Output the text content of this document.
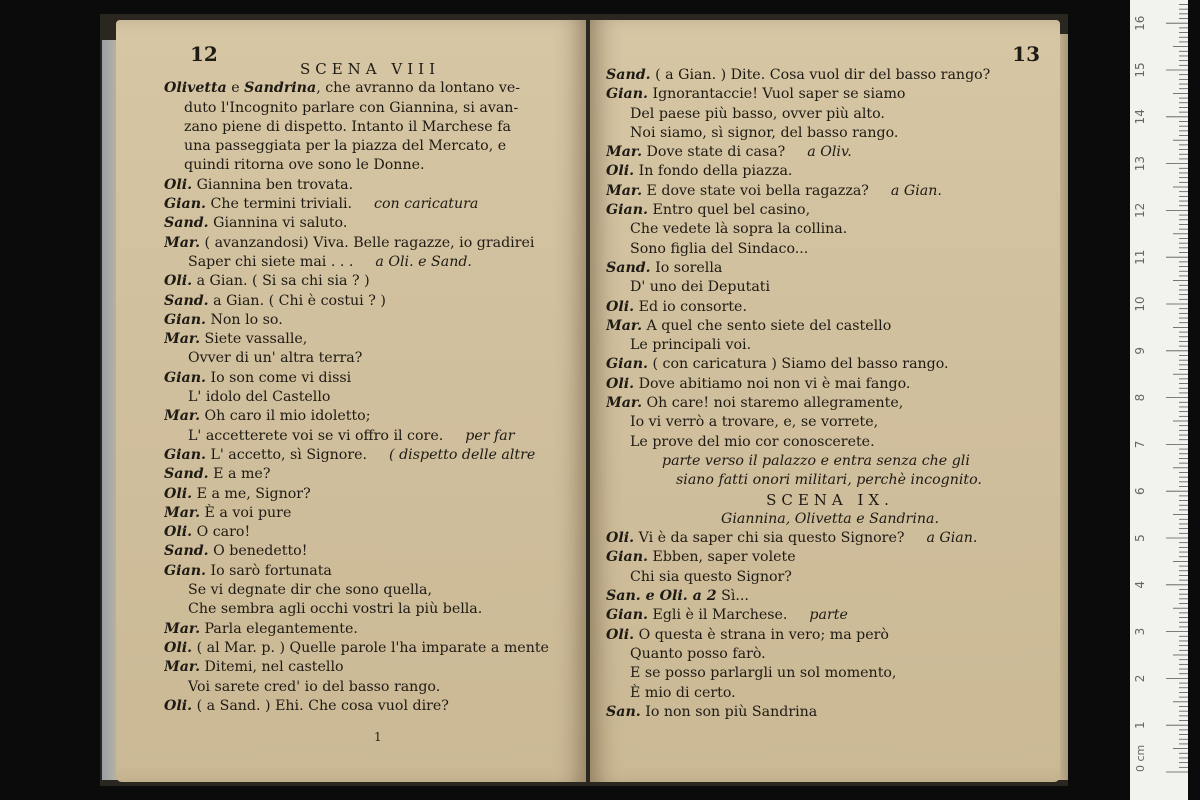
12
SCENA VIII
Olivetta e Sandrina, che avranno da lontano ve-
duto l'Incognito parlare con Giannina, si avan-
zano piene di dispetto. Intanto il Marchese fa
una passeggiata per la piazza del Mercato, e
quindi ritorna ove sono le Donne.
Oli. Giannina ben trovata.
Gian. Che termini triviali. con caricatura
Sand. Giannina vi saluto.
Mar. ( avanzandosi) Viva. Belle ragazze, io gradirei
Saper chi siete mai . . . a Oli. e Sand.
Oli. a Gian. ( Si sa chi sia ? )
Sand. a Gian. ( Chi è costui ? )
Gian. Non lo so.
Mar. Siete vassalle,
Ovver di un' altra terra?
Gian. Io son come vi dissi
L' idolo del Castello
Mar. Oh caro il mio idoletto;
L' accetterete voi se vi offro il core. per far
Gian. L' accetto, sì Signore. ( dispetto delle altre
Sand. E a me?
Oli. E a me, Signor?
Mar. È a voi pure
Oli. O caro!
Sand. O benedetto!
Gian. Io sarò fortunata
Se vi degnate dir che sono quella,
Che sembra agli occhi vostri la più bella.
Mar. Parla elegantemente.
Oli. ( al Mar. p. ) Quelle parole l'ha imparate a mente
Mar. Ditemi, nel castello
Voi sarete cred' io del basso rango.
Oli. ( a Sand. ) Ehi. Che cosa vuol dire?
1
13
Sand. ( a Gian. ) Dite. Cosa vuol dir del basso rango?
Gian. Ignorantaccie! Vuol saper se siamo
Del paese più basso, ovver più alto.
Noi siamo, sì signor, del basso rango.
Mar. Dove state di casa? a Oliv.
Oli. In fondo della piazza.
Mar. E dove state voi bella ragazza? a Gian.
Gian. Entro quel bel casino,
Che vedete là sopra la collina.
Sono figlia del Sindaco...
Sand. Io sorella
D' uno dei Deputati
Oli. Ed io consorte.
Mar. A quel che sento siete del castello
Le principali voi.
Gian. ( con caricatura ) Siamo del basso rango.
Oli. Dove abitiamo noi non vi è mai fango.
Mar. Oh care! noi staremo allegramente,
Io vi verrò a trovare, e, se vorrete,
Le prove del mio cor conoscerete.
parte verso il palazzo e entra senza che gli
siano fatti onori militari, perchè incognito.
SCENA IX.
Giannina, Olivetta e Sandrina.
Oli. Vi è da saper chi sia questo Signore? a Gian.
Gian. Ebben, saper volete
Chi sia questo Signor?
San. e Oli. a 2 Sì...
Gian. Egli è il Marchese. parte
Oli. O questa è strana in vero; ma però
Quanto posso farò.
E se posso parlargli un sol momento,
È mio di certo.
San. Io non son più Sandrina
0 cm
1
2
3
4
5
6
7
8
9
10
11
12
13
14
15
16
